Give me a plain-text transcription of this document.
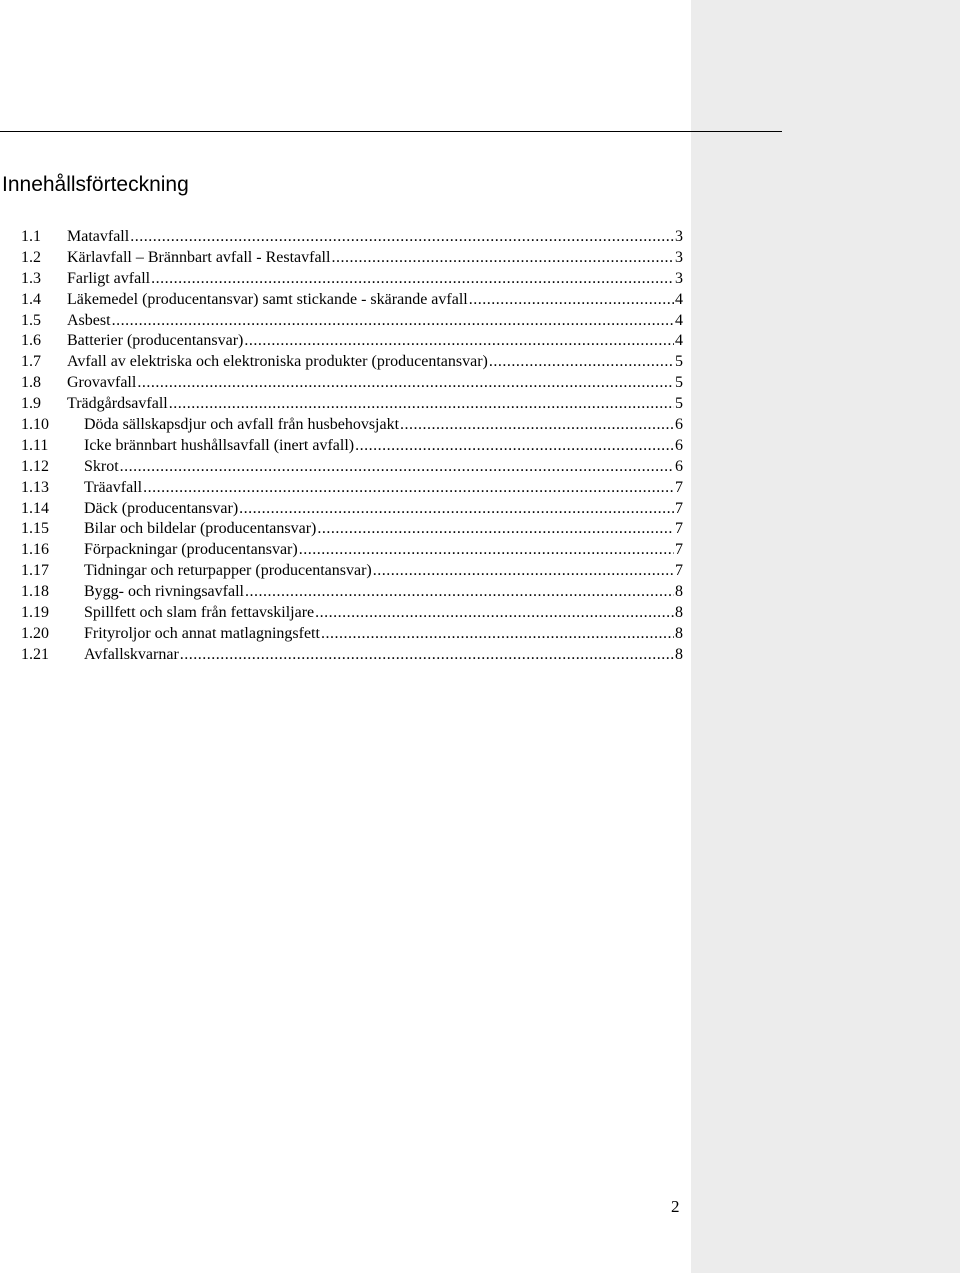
Innehållsförteckning
1.1	Matavfall .....	3
1.2	Kärlavfall – Brännbart avfall - Restavfall .....	3
1.3	Farligt avfall .....	3
1.4	Läkemedel (producentansvar) samt stickande - skärande avfall .....	4
1.5	Asbest .....	4
1.6	Batterier (producentansvar) .....	4
1.7	Avfall av elektriska och elektroniska produkter (producentansvar) .....	5
1.8	Grovavfall .....	5
1.9	Trädgårdsavfall .....	5
1.10	Döda sällskapsdjur och avfall från husbehovsjakt .....	6
1.11	Icke brännbart hushållsavfall (inert avfall) .....	6
1.12	Skrot .....	6
1.13	Träavfall .....	7
1.14	Däck (producentansvar) .....	7
1.15	Bilar och bildelar (producentansvar) .....	7
1.16	Förpackningar (producentansvar) .....	7
1.17	Tidningar och returpapper (producentansvar) .....	7
1.18	Bygg- och rivningsavfall .....	8
1.19	Spillfett och slam från fettavskiljare .....	8
1.20	Frityroljor och annat matlagningsfett .....	8
1.21	Avfallskvarnar .....	8
2
